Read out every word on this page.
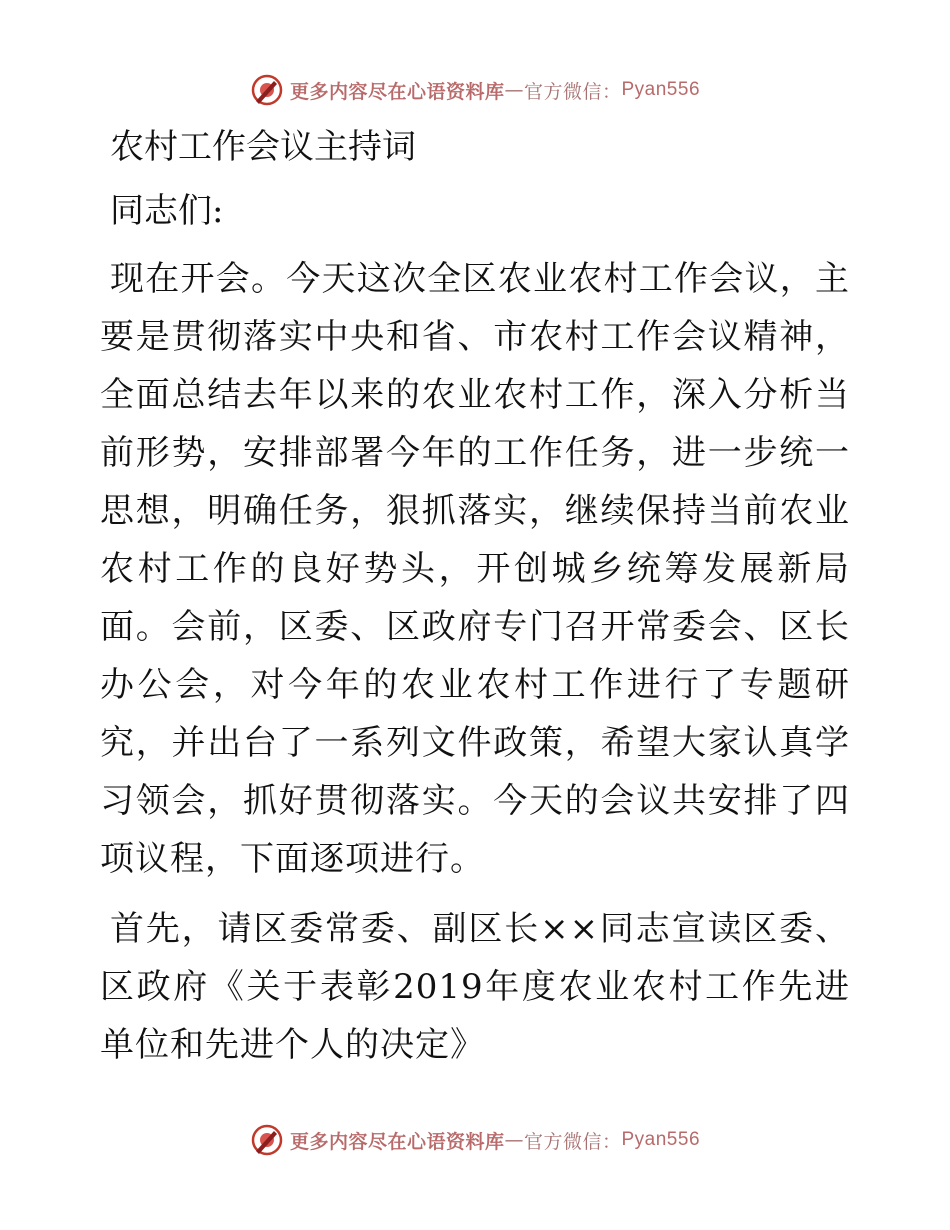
更多内容尽在心语资料库 — 官方微信： Pyan556
农村工作会议主持词
同志们:

现在开会。今天这次全区农业农村工作会议，主要是贯彻落实中央和省、市农村工作会议精神，全面总结去年以来的农业农村工作，深入分析当前形势，安排部署今年的工作任务，进一步统一思想，明确任务，狠抓落实，继续保持当前农业农村工作的良好势头，开创城乡统筹发展新局面。会前，区委、区政府专门召开常委会、区长办公会，对今年的农业农村工作进行了专题研究，并出台了一系列文件政策，希望大家认真学习领会，抓好贯彻落实。今天的会议共安排了四项议程，下面逐项进行。

首先，请区委常委、副区长××同志宣读区委、区政府《关于表彰2019年度农业农村工作先进单位和先进个人的决定》

更多内容尽在心语资料库 — 官方微信： Pyan556
